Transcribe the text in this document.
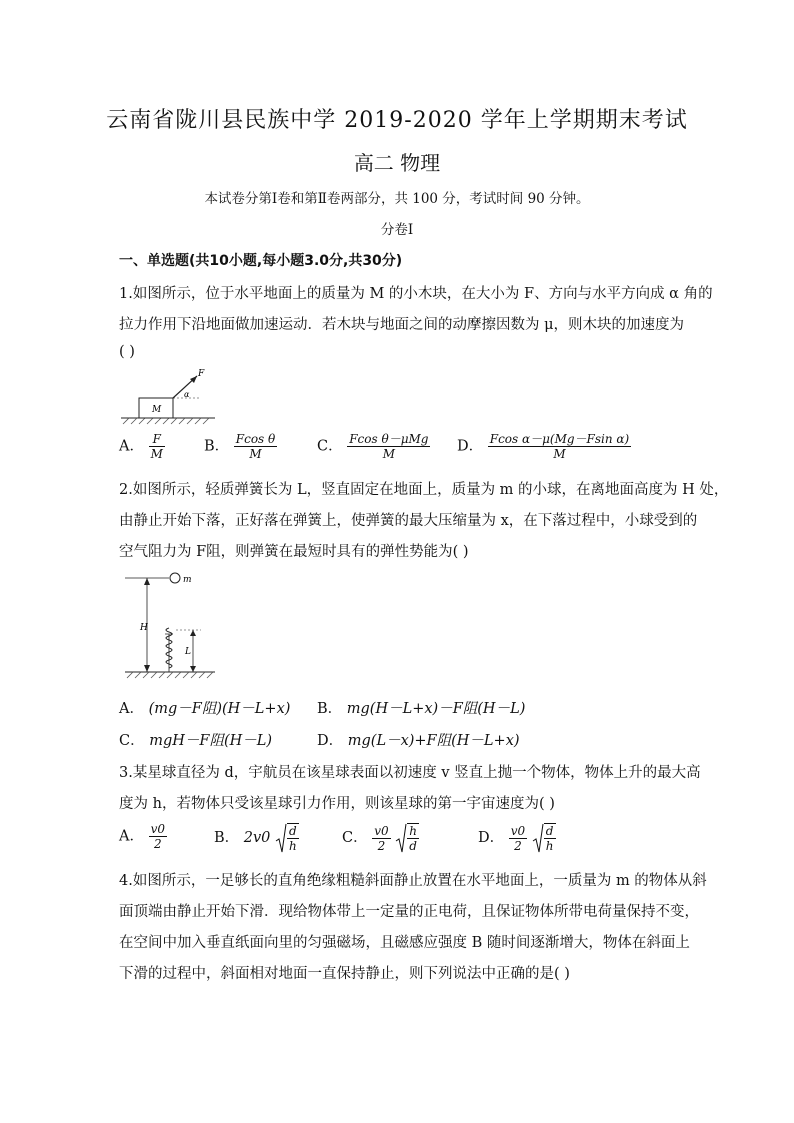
云南省陇川县民族中学 2019-2020 学年上学期期末考试
高二 物理
本试卷分第Ⅰ卷和第Ⅱ卷两部分，共 100 分，考试时间 90 分钟。
分卷Ⅰ
一、单选题(共10小题,每小题3.0分,共30分)
1.如图所示，位于水平地面上的质量为 M 的小木块，在大小为 F、方向与水平方向成 α 角的
拉力作用下沿地面做加速运动．若木块与地面之间的动摩擦因数为 μ，则木块的加速度为
( )
M
F
α
A． $\frac{F}{M}$	B． $\frac{\text{Fcos θ}}{M}$	C． $\frac{\text{Fcos θ－μMg}}{M}$ D． $\frac{\text{Fcos α－μ(Mg－Fsin α)}}{M}$
2.如图所示，轻质弹簧长为 L，竖直固定在地面上，质量为 m 的小球，在离地面高度为 H 处，
由静止开始下落，正好落在弹簧上，使弹簧的最大压缩量为 x，在下落过程中，小球受到的
空气阻力为 F阻，则弹簧在最短时具有的弹性势能为( )
m
H
L
A． (mg－F阻)(H－L+x) B． mg(H－L+x)－F阻(H－L)
C． mgH－F阻(H－L)	D． mg(L－x)+F阻(H－L+x)
3.某星球直径为 d，宇航员在该星球表面以初速度 v 竖直上抛一个物体，物体上升的最大高
度为 h，若物体只受该星球引力作用，则该星球的第一宇宙速度为( )
A． $\frac{v0}{2}$	B． $2v0 \frac{d}{h}$	C． $\frac{v0}{2}$
$\frac{h}{d}$	D． $\frac{v0}{2}$
$\frac{d}{h}$
4.如图所示，一足够长的直角绝缘粗糙斜面静止放置在水平地面上，一质量为 m 的物体从斜
面顶端由静止开始下滑．现给物体带上一定量的正电荷，且保证物体所带电荷量保持不变，
在空间中加入垂直纸面向里的匀强磁场，且磁感应强度 B 随时间逐渐增大，物体在斜面上
下滑的过程中，斜面相对地面一直保持静止，则下列说法中正确的是( )
